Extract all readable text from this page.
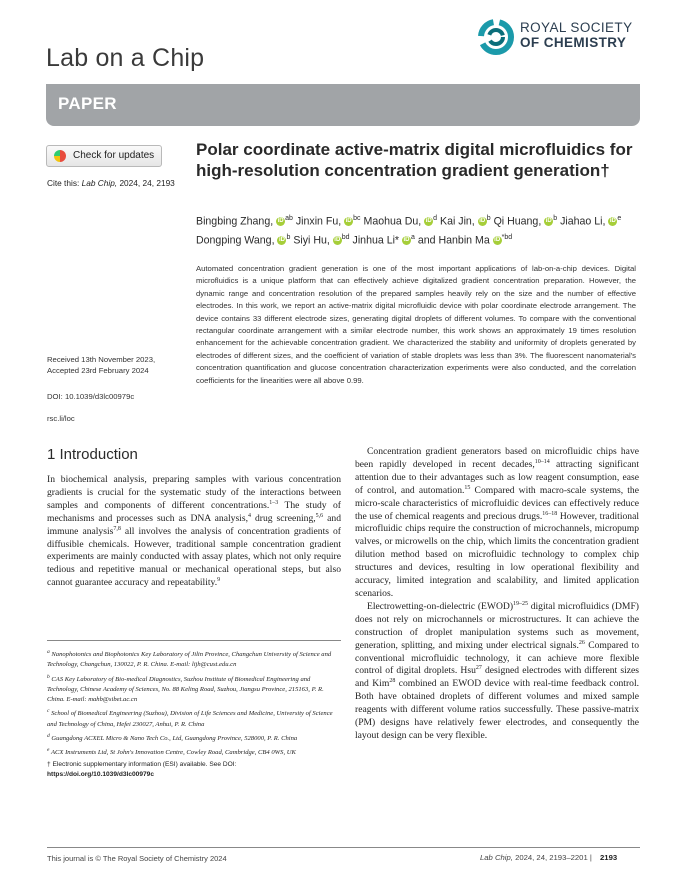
Lab on a Chip
ROYAL SOCIETY
OF CHEMISTRY
PAPER
Check for updates
Cite this: Lab Chip, 2024, 24, 2193
Polar coordinate active-matrix digital microfluidics for high-resolution concentration gradient generation†
Bingbing Zhang, iD $^{ab}$ Jinxin Fu, iD $^{bc}$ Maohua Du, iD $^d$ Kai Jin, iD $^b$ Qi Huang, iD $^b$ Jiahao Li, iD $^e$
Dongping Wang, iD $^b$ Siyi Hu, iD $^{bd}$ Jinhua Li* iD $^a$ and Hanbin Ma iD $^{*bd}$
Automated concentration gradient generation is one of the most important applications of lab-on-a-chip devices. Digital microfluidics is a unique platform that can effectively achieve digitalized gradient concentration preparation. However, the dynamic range and concentration resolution of the prepared samples heavily rely on the size and the number of effective electrodes. In this work, we report an active-matrix digital microfluidic device with polar coordinate electrode arrangement. The device contains 33 different electrode sizes, generating digital droplets of different volumes. To compare with the conventional rectangular coordinate arrangement with a similar electrode number, this work shows an approximately 19 times resolution enhancement for the achievable concentration gradient. We characterized the stability and uniformity of droplets generated by electrodes of different sizes, and the coefficient of variation of stable droplets was less than 3%. The fluorescent nanomaterial's concentration quantification and glucose concentration characterization experiments were also conducted, and the correlation coefficients for the linearities were all above 0.99.
Received 13th November 2023,
Accepted 23rd February 2024
DOI: 10.1039/d3lc00979c
rsc.li/loc
1 Introduction

In biochemical analysis, preparing samples with various concentration gradients is crucial for the systematic study of the interactions between samples and components of different concentrations.$^{1-3}$ The study of mechanisms and processes such as DNA analysis,$^4$ drug screening,$^{5,6}$ and immune analysis$^{7,8}$ all involves the analysis of concentration gradients of diffusible chemicals. However, traditional sample concentration gradient experiments are mainly conducted with assay plates, which not only require tedious and repetitive manual or mechanical operational steps, but also cannot guarantee accuracy and repeatability.$^9$

Concentration gradient generators based on microfluidic chips have been rapidly developed in recent decades,$^{10-14}$ attracting significant attention due to their advantages such as low reagent consumption, ease of control, and automation.$^{15}$ Compared with macro-scale systems, the micro-scale characteristics of microfluidic devices can effectively reduce the use of chemical reagents and precious drugs.$^{16-18}$ However, traditional microfluidic chips require the construction of microchannels, micropump valves, or microwells on the chip, which limits the concentration gradient dilution method based on microfluidic technology to complex chip structures and devices, resulting in low operational flexibility and accuracy, limited integration and scalability, and limited application scenarios.

Electrowetting-on-dielectric (EWOD)$^{19-25}$ digital microfluidics (DMF) does not rely on microchannels or microstructures. It can achieve the construction of droplet manipulation systems such as movement, generation, splitting, and mixing under electrical signals.$^{26}$ Compared to conventional microfluidic technology, it can achieve more flexible control of digital droplets. Hsu$^{27}$ designed electrodes with different sizes and Kim$^{28}$ combined an EWOD device with real-time feedback control. Both have obtained droplets of different volumes and mixed sample reagents with different volume ratios successfully. These passive-matrix (PM) designs have relatively fewer electrodes, and consequently the layout design can be very flexible.

$^a$ Nanophotonics and Biophotonics Key Laboratory of Jilin Province, Changchun University of Science and Technology, Changchun, 130022, P. R. China. E-mail: lijh@cust.edu.cn
$^b$ CAS Key Laboratory of Bio-medical Diagnostics, Suzhou Institute of Biomedical Engineering and Technology, Chinese Academy of Sciences, No. 88 Keling Road, Suzhou, Jiangsu Province, 215163, P. R. China. E-mail: mahb@sibet.ac.cn
$^c$ School of Biomedical Engineering (Suzhou), Division of Life Sciences and Medicine, University of Science and Technology of China, Hefei 230027, Anhui, P. R. China
$^d$ Guangdong ACXEL Micro & Nano Tech Co., Ltd, Guangdong Province, 528000, P. R. China
$^e$ ACX Instruments Ltd, St John's Innovation Centre, Cowley Road, Cambridge, CB4 0WS, UK
† Electronic supplementary information (ESI) available. See DOI: https://doi.org/10.1039/d3lc00979c
This journal is © The Royal Society of Chemistry 2024	Lab Chip, 2024, 24, 2193–2201 | 2193
